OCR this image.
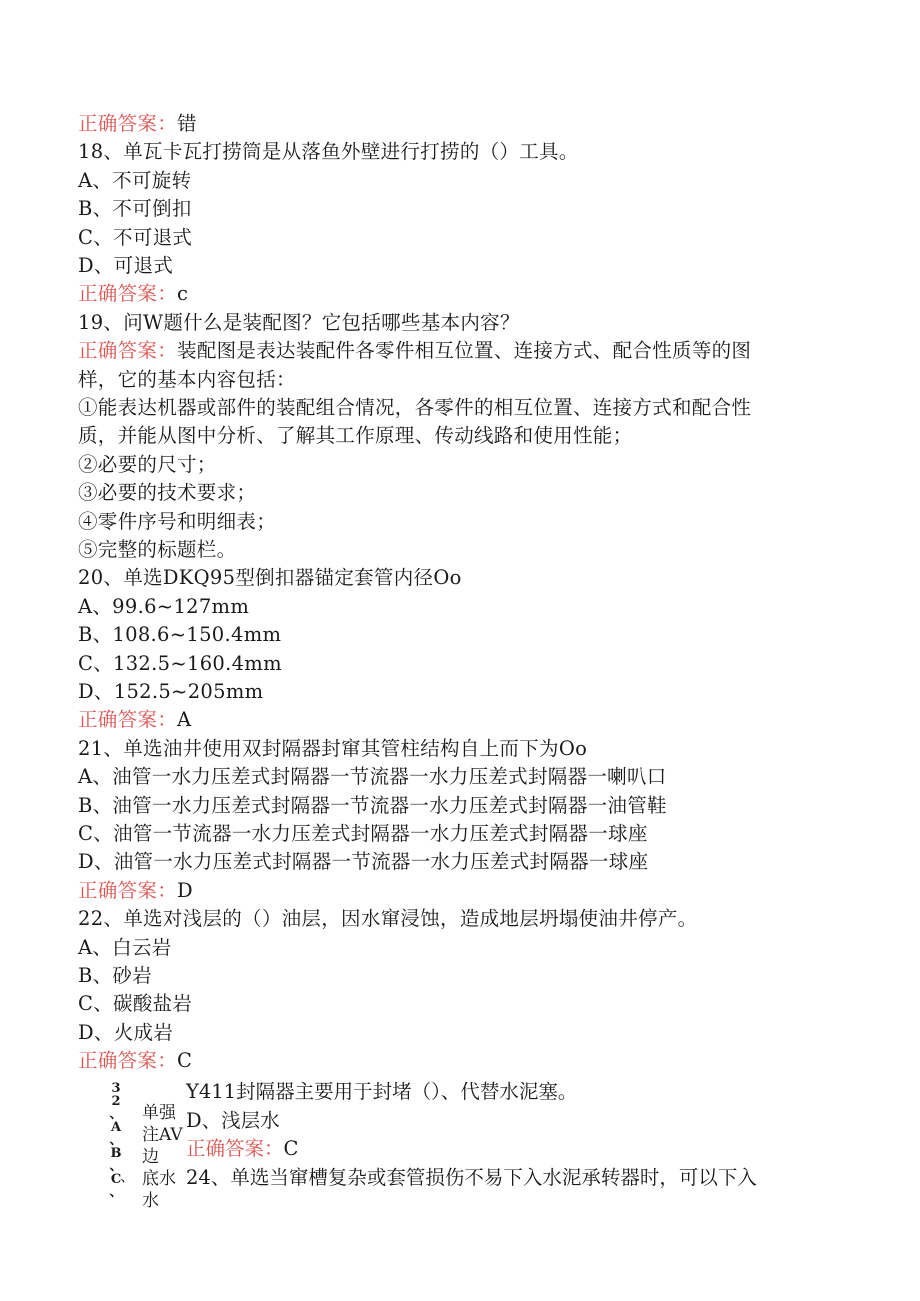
正确答案：错
18、单瓦卡瓦打捞筒是从落鱼外壁进行打捞的（）工具。
A、不可旋转
B、不可倒扣
C、不可退式
D、可退式
正确答案：c
19、问W题什么是装配图？它包括哪些基本内容？
正确答案：装配图是表达装配件各零件相互位置、连接方式、配合性质等的图
样，它的基本内容包括：
①能表达机器或部件的装配组合情况，各零件的相互位置、连接方式和配合性
质，并能从图中分析、了解其工作原理、传动线路和使用性能；
②必要的尺寸；
③必要的技术要求；
④零件序号和明细表；
⑤完整的标题栏。
20、单选DKQ95型倒扣器锚定套管内径Oo
A、99.6~127mm
B、108.6~150.4mm
C、132.5~160.4mm
D、152.5~205mm
正确答案：A
21、单选油井使用双封隔器封窜其管柱结构自上而下为Oo
A、油管一水力压差式封隔器一节流器一水力压差式封隔器一喇叭口
B、油管一水力压差式封隔器一节流器一水力压差式封隔器一油管鞋
C、油管一节流器一水力压差式封隔器一水力压差式封隔器一球座
D、油管一水力压差式封隔器一节流器一水力压差式封隔器一球座
正确答案：D
22、单选对浅层的（）油层，因水窜浸蚀，造成地层坍塌使油井停产。
A、白云岩
B、砂岩
C、碳酸盐岩
D、火成岩
正确答案：C
3
2
、
A
、
B
、
C
、
、

单强
注AV
边
底水
水

Y411封隔器主要用于封堵（）、代替水泥塞。
D、浅层水
正确答案：C
24、单选当窜槽复杂或套管损伤不易下入水泥承转器时，可以下入
